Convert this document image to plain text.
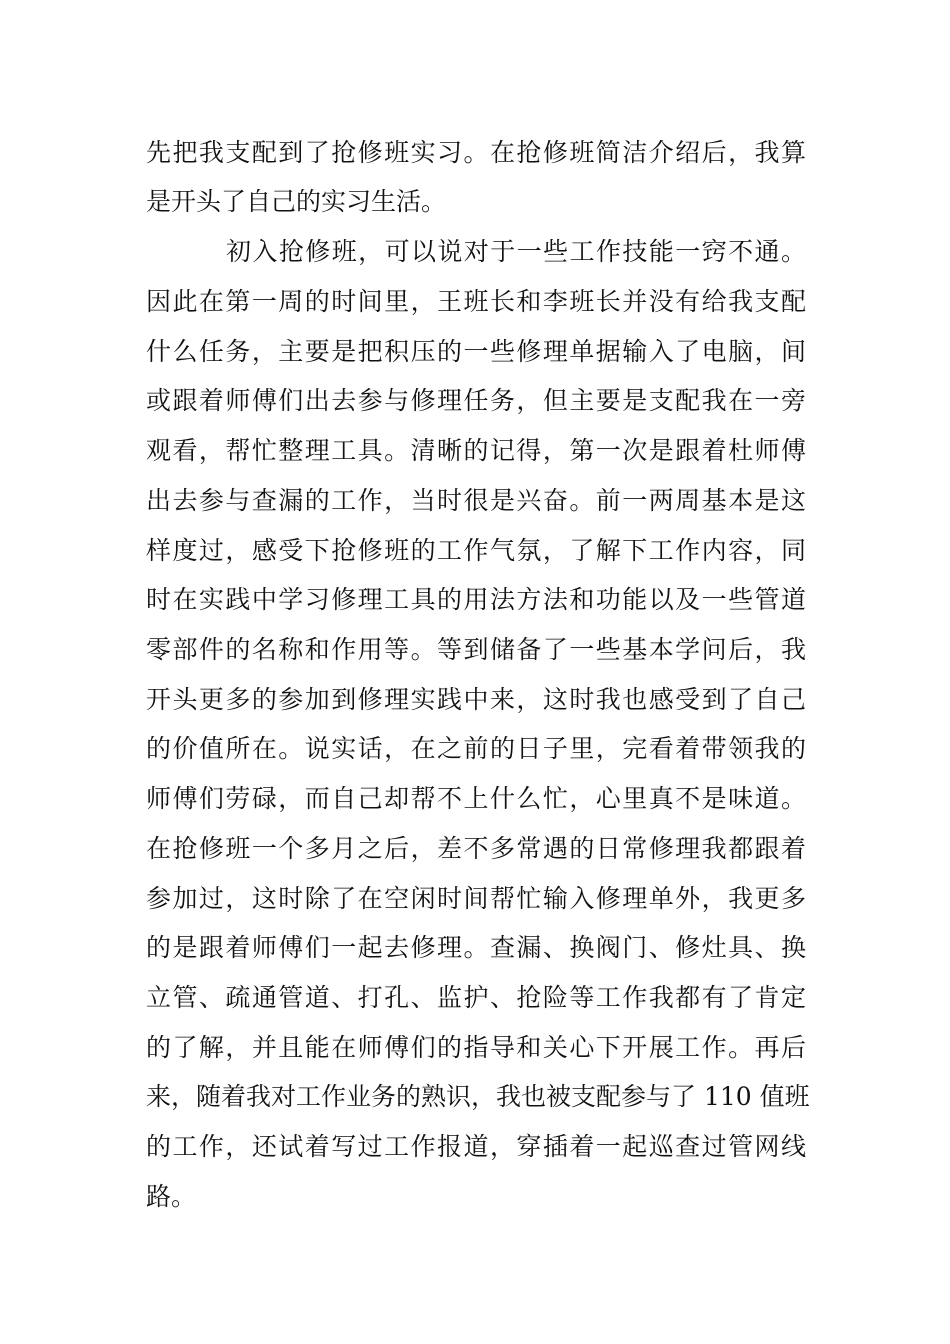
先把我支配到了抢修班实习。在抢修班简洁介绍后，我算
是开头了自己的实习生活。
初入抢修班，可以说对于一些工作技能一窍不通。
因此在第一周的时间里，王班长和李班长并没有给我支配
什么任务，主要是把积压的一些修理单据输入了电脑，间
或跟着师傅们出去参与修理任务，但主要是支配我在一旁
观看，帮忙整理工具。清晰的记得，第一次是跟着杜师傅
出去参与查漏的工作，当时很是兴奋。前一两周基本是这
样度过，感受下抢修班的工作气氛，了解下工作内容，同
时在实践中学习修理工具的用法方法和功能以及一些管道
零部件的名称和作用等。等到储备了一些基本学问后，我
开头更多的参加到修理实践中来，这时我也感受到了自己
的价值所在。说实话，在之前的日子里，完看着带领我的
师傅们劳碌，而自己却帮不上什么忙，心里真不是味道。
在抢修班一个多月之后，差不多常遇的日常修理我都跟着
参加过，这时除了在空闲时间帮忙输入修理单外，我更多
的是跟着师傅们一起去修理。查漏、换阀门、修灶具、换
立管、疏通管道、打孔、监护、抢险等工作我都有了肯定
的了解，并且能在师傅们的指导和关心下开展工作。再后
来，随着我对工作业务的熟识，我也被支配参与了 110 值班
的工作，还试着写过工作报道，穿插着一起巡查过管网线
路。
